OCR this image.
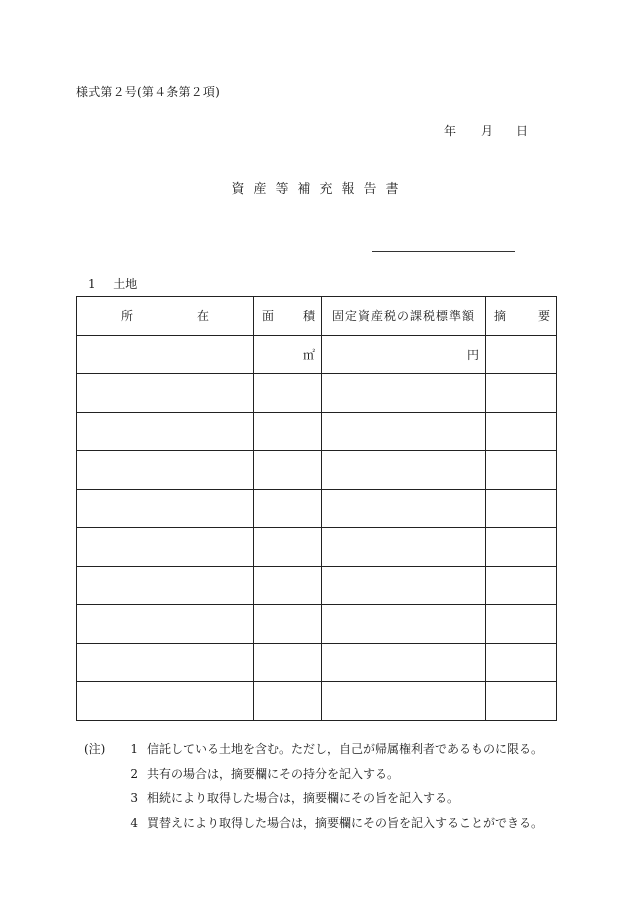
様式第２号(第４条第２項)
年 月 日
資産等補充報告書
1 土地
所 在	面 積	固定資産税の課税標準額	摘 要

	㎡	円	

(注)	1 信託している土地を含む。ただし，自己が帰属権利者であるものに限る。
2 共有の場合は，摘要欄にその持分を記入する。
3 相続により取得した場合は，摘要欄にその旨を記入する。
4 買替えにより取得した場合は，摘要欄にその旨を記入することができる。
